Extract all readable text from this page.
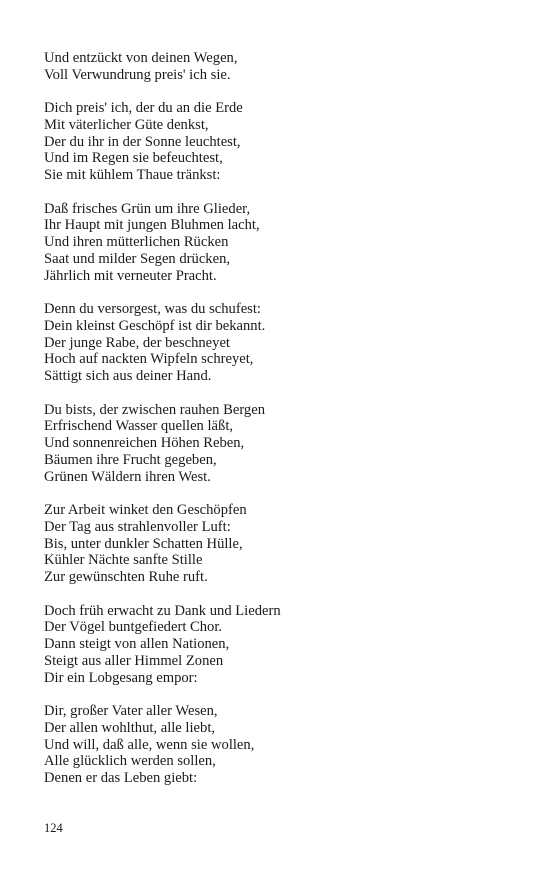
Und entzückt von deinen Wegen,
Voll Verwundrung preis' ich sie.
Dich preis' ich, der du an die Erde
Mit väterlicher Güte denkst,
Der du ihr in der Sonne leuchtest,
Und im Regen sie befeuchtest,
Sie mit kühlem Thaue tränkst:
Daß frisches Grün um ihre Glieder,
Ihr Haupt mit jungen Bluhmen lacht,
Und ihren mütterlichen Rücken
Saat und milder Segen drücken,
Jährlich mit verneuter Pracht.
Denn du versorgest, was du schufest:
Dein kleinst Geschöpf ist dir bekannt.
Der junge Rabe, der beschneyet
Hoch auf nackten Wipfeln schreyet,
Sättigt sich aus deiner Hand.
Du bists, der zwischen rauhen Bergen
Erfrischend Wasser quellen läßt,
Und sonnenreichen Höhen Reben,
Bäumen ihre Frucht gegeben,
Grünen Wäldern ihren West.
Zur Arbeit winket den Geschöpfen
Der Tag aus strahlenvoller Luft:
Bis, unter dunkler Schatten Hülle,
Kühler Nächte sanfte Stille
Zur gewünschten Ruhe ruft.
Doch früh erwacht zu Dank und Liedern
Der Vögel buntgefiedert Chor.
Dann steigt von allen Nationen,
Steigt aus aller Himmel Zonen
Dir ein Lobgesang empor:
Dir, großer Vater aller Wesen,
Der allen wohlthut, alle liebt,
Und will, daß alle, wenn sie wollen,
Alle glücklich werden sollen,
Denen er das Leben giebt:
124
